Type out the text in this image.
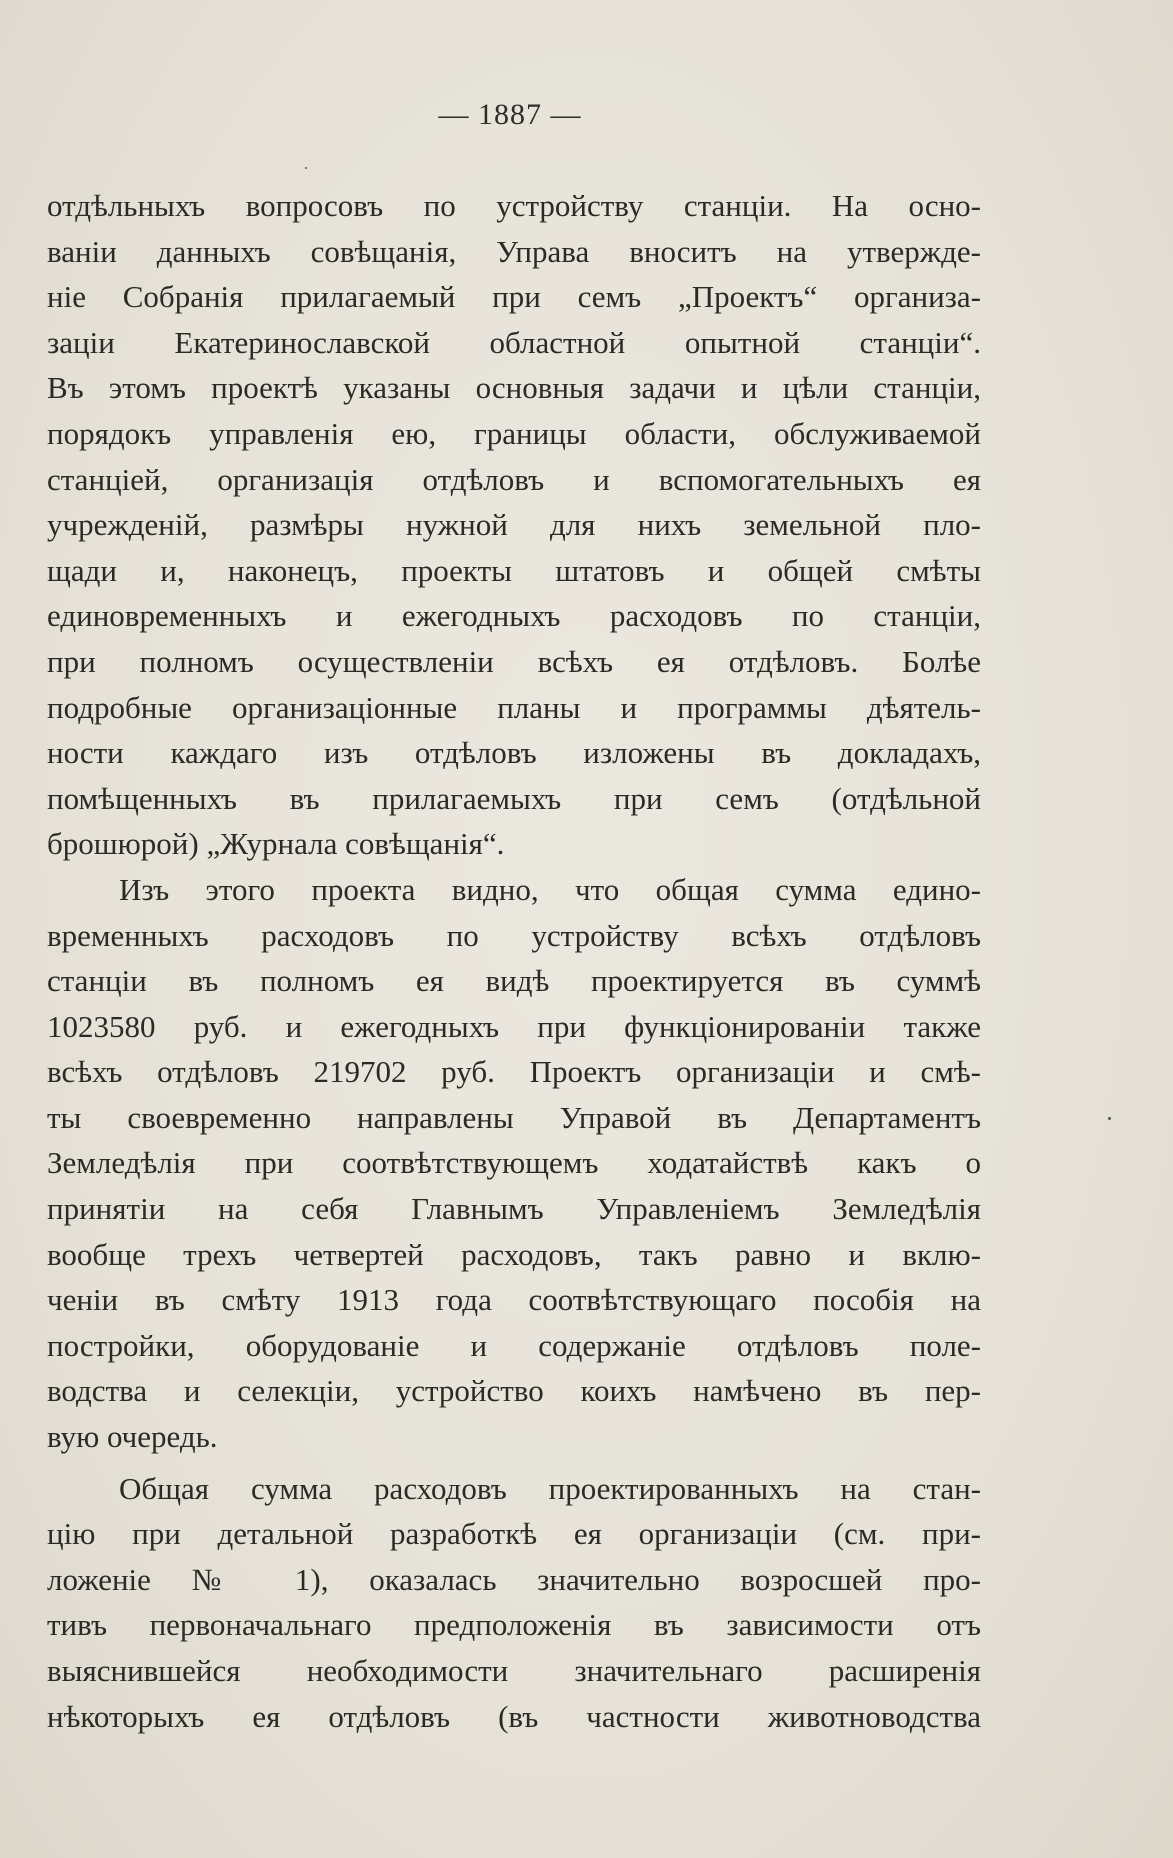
— 1887 —
отдѣльныхъ вопросовъ по устройству станціи. На осно-
ваніи данныхъ совѣщанія, Управа вноситъ на утвержде-
ніе Собранія прилагаемый при семъ „Проектъ“ организа-
заціи Екатеринославской областной опытной станціи“.
Въ этомъ проектѣ указаны основныя задачи и цѣли станціи,
порядокъ управленія ею, границы области, обслуживаемой
станціей, организація отдѣловъ и вспомогательныхъ ея
учрежденій, размѣры нужной для нихъ земельной пло-
щади и, наконецъ, проекты штатовъ и общей смѣты
единовременныхъ и ежегодныхъ расходовъ по станціи,
при полномъ осуществленіи всѣхъ ея отдѣловъ. Болѣе
подробные организаціонные планы и программы дѣятель-
ности каждаго изъ отдѣловъ изложены въ докладахъ,
помѣщенныхъ въ прилагаемыхъ при семъ (отдѣльной
брошюрой) „Журнала совѣщанія“.
Изъ этого проекта видно, что общая сумма едино-
временныхъ расходовъ по устройству всѣхъ отдѣловъ
станціи въ полномъ ея видѣ проектируется въ суммѣ
1023580 руб. и ежегодныхъ при функціонированіи также
всѣхъ отдѣловъ 219702 руб. Проектъ организаціи и смѣ-
ты своевременно направлены Управой въ Департаментъ
Земледѣлія при соотвѣтствующемъ ходатайствѣ какъ о
принятіи на себя Главнымъ Управленіемъ Земледѣлія
вообще трехъ четвертей расходовъ, такъ равно и вклю-
ченіи въ смѣту 1913 года соотвѣтствующаго пособія на
постройки, оборудованіе и содержаніе отдѣловъ поле-
водства и селекціи, устройство коихъ намѣчено въ пер-
вую очередь.
Общая сумма расходовъ проектированныхъ на стан-
цію при детальной разработкѣ ея организаціи (см. при-
ложеніе № 1), оказалась значительно возросшей про-
тивъ первоначальнаго предположенія въ зависимости отъ
выяснившейся необходимости значительнаго расширенія
нѣкоторыхъ ея отдѣловъ (въ частности животноводства
